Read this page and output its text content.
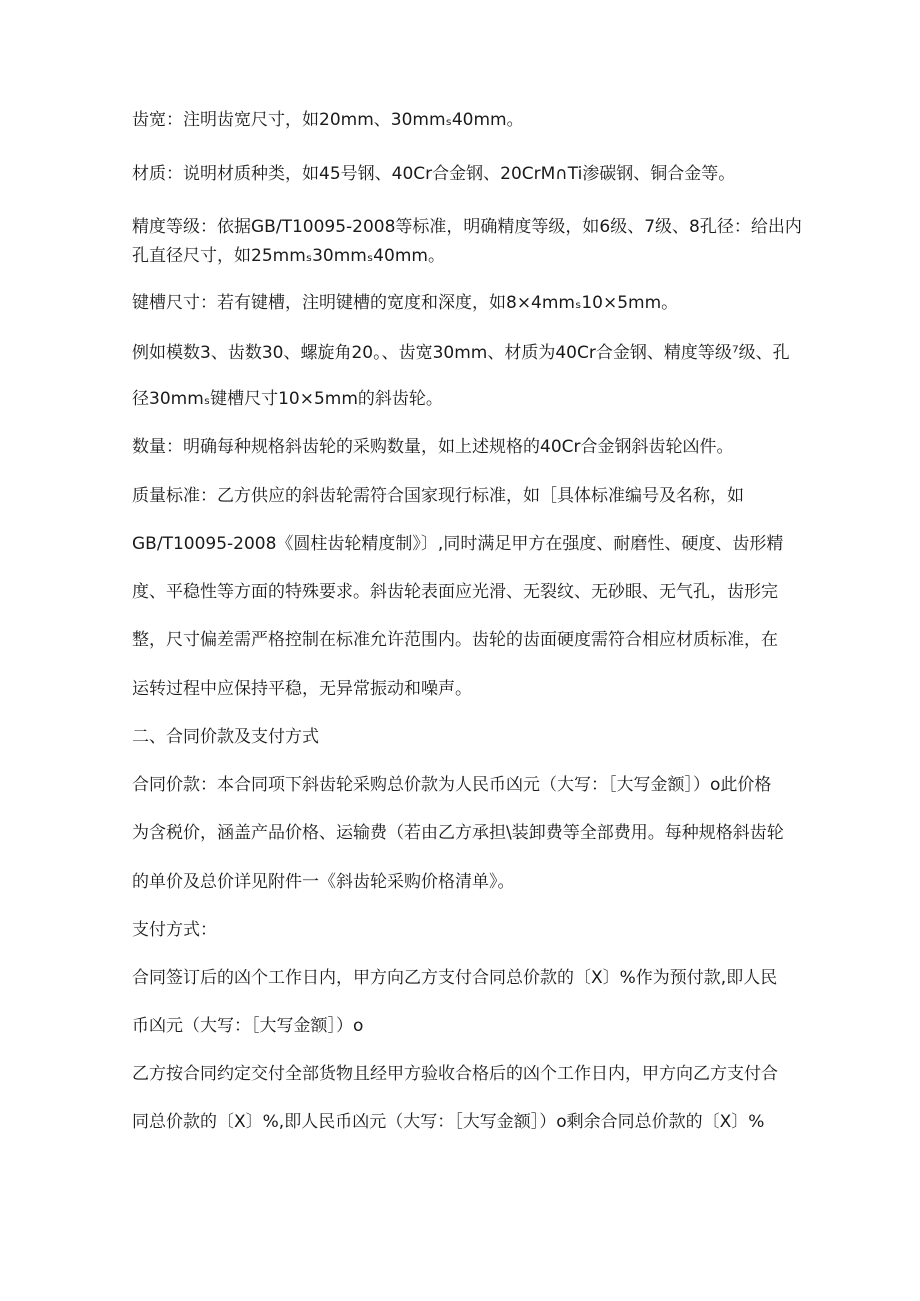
齿宽：注明齿宽尺寸，如20mm、30mmₛ40mm。
材质：说明材质种类，如45号钢、40Cr合金钢、20CrM∩Ti渗碳钢、铜合金等。
精度等级：依据GB/T10095-2008等标准，明确精度等级，如6级、7级、8孔径：给出内
孔直径尺寸，如25mmₛ30mmₛ40mm。
键槽尺寸：若有键槽，注明键槽的宽度和深度，如8×4mmₛ10×5mm。
例如模数3、齿数30、螺旋角20。、齿宽30mm、材质为40Cr合金钢、精度等级⁷级、孔
径30mmₛ键槽尺寸10×5mm的斜齿轮。
数量：明确每种规格斜齿轮的采购数量，如上述规格的40Cr合金钢斜齿轮凶件。
质量标准：乙方供应的斜齿轮需符合国家现行标准，如［具体标准编号及名称，如
GB/T10095-2008《圆柱齿轮精度制》〕,同时满足甲方在强度、耐磨性、硬度、齿形精
度、平稳性等方面的特殊要求。斜齿轮表面应光滑、无裂纹、无砂眼、无气孔，齿形完
整，尺寸偏差需严格控制在标准允许范围内。齿轮的齿面硬度需符合相应材质标准，在
运转过程中应保持平稳，无异常振动和噪声。
二、合同价款及支付方式
合同价款：本合同项下斜齿轮采购总价款为人民币凶元（大写：［大写金额］）o此价格
为含税价，涵盖产品价格、运输费（若由乙方承担\装卸费等全部费用。每种规格斜齿轮
的单价及总价详见附件一《斜齿轮采购价格清单》。
支付方式：
合同签订后的凶个工作日内，甲方向乙方支付合同总价款的〔X〕%作为预付款,即人民
币凶元（大写：［大写金额］）o
乙方按合同约定交付全部货物且经甲方验收合格后的凶个工作日内，甲方向乙方支付合
同总价款的〔X〕%,即人民币凶元（大写：［大写金额］）o剩余合同总价款的〔X〕%
